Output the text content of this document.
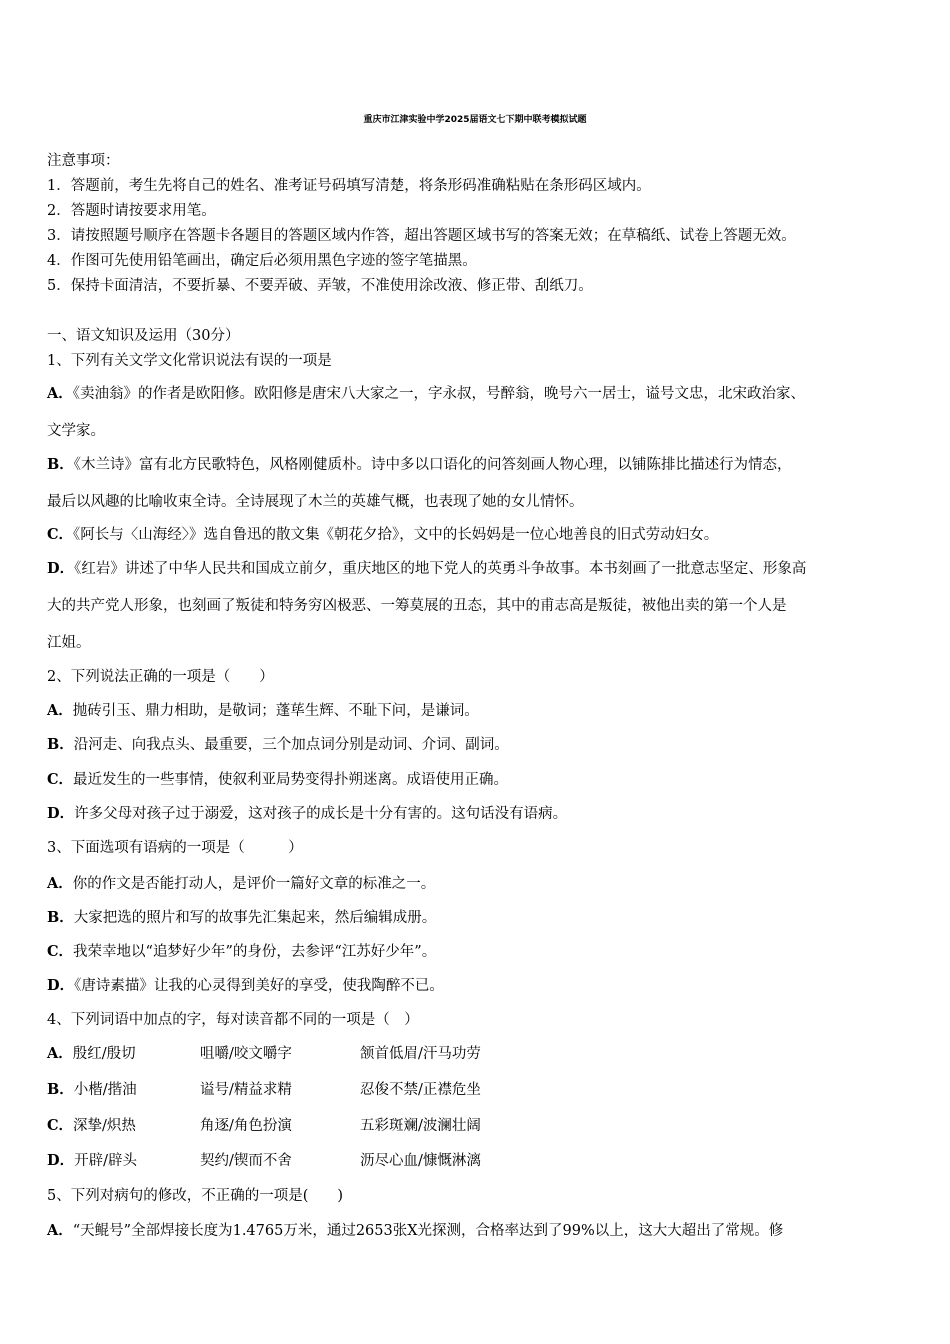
重庆市江津实验中学2025届语文七下期中联考模拟试题
注意事项：
1．答题前，考生先将自己的姓名、准考证号码填写清楚，将条形码准确粘贴在条形码区域内。
2．答题时请按要求用笔。
3．请按照题号顺序在答题卡各题目的答题区域内作答，超出答题区域书写的答案无效；在草稿纸、试卷上答题无效。
4．作图可先使用铅笔画出，确定后必须用黑色字迹的签字笔描黑。
5．保持卡面清洁，不要折暴、不要弄破、弄皱，不准使用涂改液、修正带、刮纸刀。
一、语文知识及运用（30分）
1、下列有关文学文化常识说法有误的一项是
A．《卖油翁》的作者是欧阳修。欧阳修是唐宋八大家之一，字永叔，号醉翁，晚号六一居士，谥号文忠，北宋政治家、
文学家。
B．《木兰诗》富有北方民歌特色，风格刚健质朴。诗中多以口语化的问答刻画人物心理，以铺陈排比描述行为情态，
最后以风趣的比喻收束全诗。全诗展现了木兰的英雄气概，也表现了她的女儿情怀。
C．《阿长与〈山海经〉》选自鲁迅的散文集《朝花夕拾》，文中的长妈妈是一位心地善良的旧式劳动妇女。
D．《红岩》讲述了中华人民共和国成立前夕，重庆地区的地下党人的英勇斗争故事。本书刻画了一批意志坚定、形象高
大的共产党人形象，也刻画了叛徒和特务穷凶极恶、一筹莫展的丑态，其中的甫志高是叛徒，被他出卖的第一个人是
江姐。
2、下列说法正确的一项是（　　）
A．抛砖引玉、鼎力相助，是敬词；蓬荜生辉、不耻下问，是谦词。
B．沿河走、向我点头、最重要，三个加点词分别是动词、介词、副词。
C．最近发生的一些事情，使叙利亚局势变得扑朔迷离。成语使用正确。
D．许多父母对孩子过于溺爱，这对孩子的成长是十分有害的。这句话没有语病。
3、下面选项有语病的一项是（　　　）
A．你的作文是否能打动人，是评价一篇好文章的标准之一。
B．大家把选的照片和写的故事先汇集起来，然后编辑成册。
C．我荣幸地以“追梦好少年”的身份，去参评“江苏好少年”。
D．《唐诗素描》让我的心灵得到美好的享受，使我陶醉不已。
4、下列词语中加点的字，每对读音都不同的一项是（　）
A．殷红/殷切	咀嚼/咬文嚼字	颔首低眉/汗马功劳
B．小楷/揩油	谥号/精益求精	忍俊不禁/正襟危坐
C．深挚/炽热	角逐/角色扮演	五彩斑斓/波澜壮阔
D．开辟/辟头	契约/锲而不舍	沥尽心血/慷慨淋漓
5、下列对病句的修改，不正确的一项是(　　)
A．“天鲲号”全部焊接长度为1.4765万米，通过2653张X光探测，合格率达到了99%以上，这大大超出了常规。修
